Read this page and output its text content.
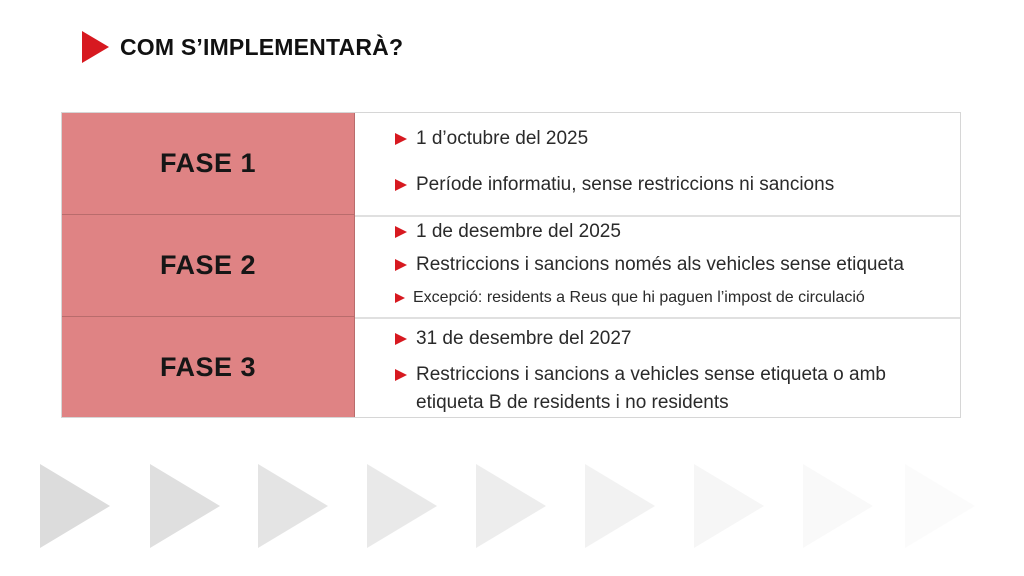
COM S’IMPLEMENTARÀ?
FASE 1
1 d’octubre del 2025
Període informatiu, sense restriccions ni sancions
FASE 2
1 de desembre del 2025
Restriccions i sancions només als vehicles sense etiqueta
Excepció: residents a Reus que hi paguen l’impost de circulació
FASE 3
31 de desembre del 2027
Restriccions i sancions a vehicles sense etiqueta o amb etiqueta B de residents i no residents
